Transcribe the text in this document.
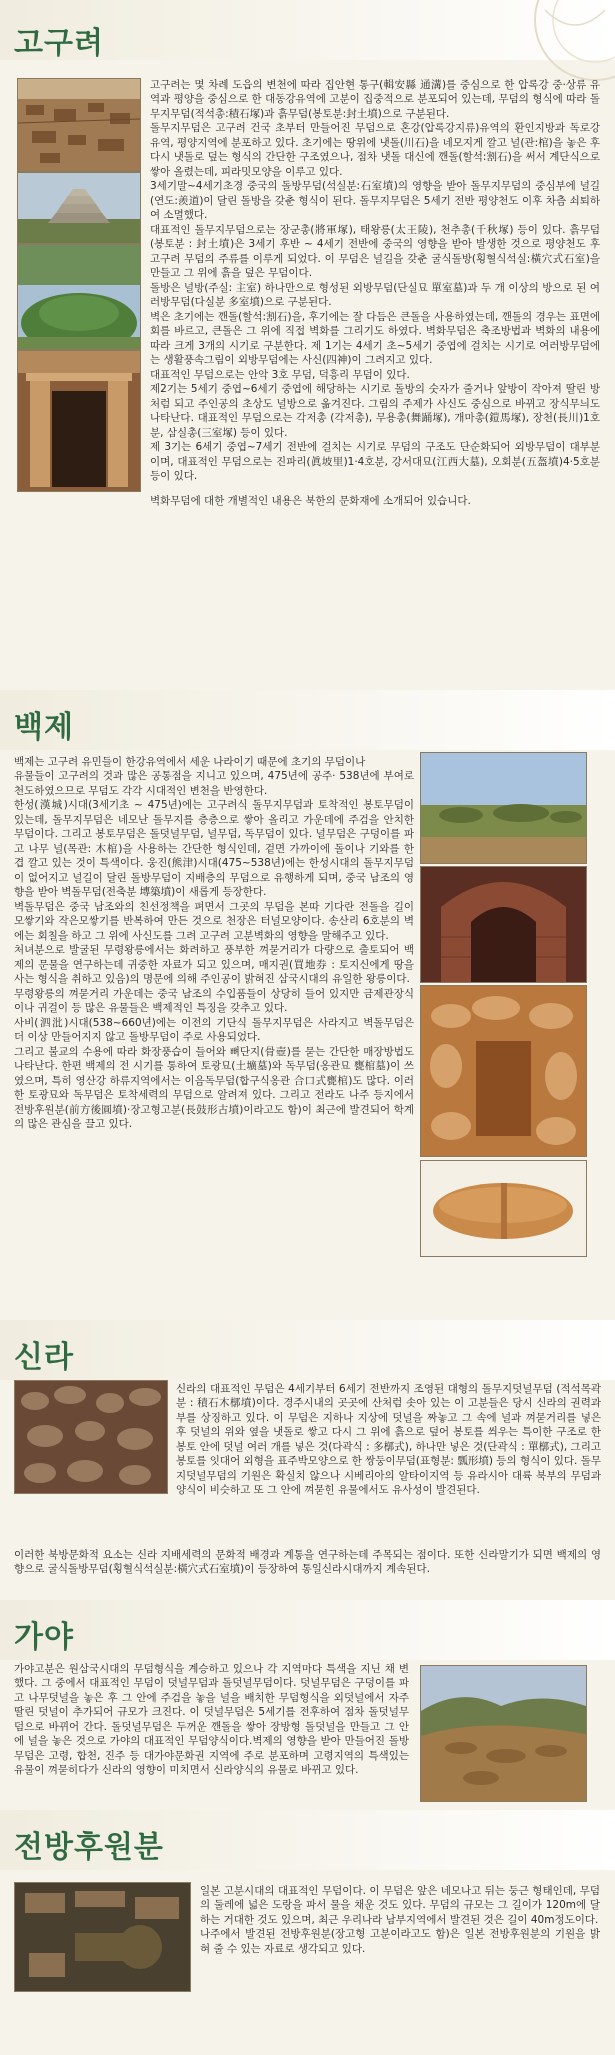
고구려

고구려는 몇 차례 도읍의 변천에 따라 집안현 통구(輯安縣 通溝)를 중심으로 한 압록강 중·상류 유역과 평양을 중심으로 한 대동강유역에 고분이 집중적으로 분포되어 있는데, 무덤의 형식에 따라 돌무지무덤(적석총:積石塚)과 흙무덤(봉토분:封土墳)으로 구분된다.

돌무지무덤은 고구려 건국 초부터 만들어진 무덤으로 혼강(압록강지류)유역의 환인지방과 독로강유역, 평양지역에 분포하고 있다. 초기에는 땅위에 냇돌(川石)을 네모지게 깔고 널(관:棺)을 놓은 후 다시 냇돌로 덮는 형식의 간단한 구조였으나, 점차 냇돌 대신에 깬돌(할석:割石)을 써서 계단식으로 쌓아 올렸는데, 피라밋모양을 이루고 있다.

3세기말~4세기초경 중국의 돌방무덤(석실분:石室墳)의 영향을 받아 돌무지무덤의 중심부에 널길(연도:羨道)이 달린 돌방을 갖춘 형식이 된다. 돌무지무덤은 5세기 전반 평양천도 이후 차츰 쇠퇴하여 소멸했다.

대표적인 돌무지무덤으로는 장군총(將軍塚), 태왕릉(太王陵), 천추총(千秋塚) 등이 있다. 흙무덤(봉토분 : 封土墳)은 3세기 후반 ~ 4세기 전반에 중국의 영향을 받아 발생한 것으로 평양천도 후 고구려 무덤의 주류를 이루게 되었다. 이 무덤은 널길을 갖춘 굴식돌방(횡혈식석실:橫穴式石室)을 만들고 그 위에 흙을 덮은 무덤이다.

돌방은 널방(주실: 主室) 하나만으로 형성된 외방무덤(단실묘 單室墓)과 두 개 이상의 방으로 된 여러방무덤(다실분 多室墳)으로 구분된다.

벽은 초기에는 깬돌(할석:割石)을, 후기에는 잘 다듬은 큰돌을 사용하였는데, 깬돌의 경우는 표면에 회를 바르고, 큰돌은 그 위에 직접 벽화를 그리기도 하였다. 벽화무덤은 축조방법과 벽화의 내용에 따라 크게 3개의 시기로 구분한다. 제 1기는 4세기 초~5세기 중엽에 걸치는 시기로 여러방무덤에는 생활풍속그림이 외방무덤에는 사신(四神)이 그려지고 있다.

대표적인 무덤으로는 안악 3호 무덤, 덕흥리 무덤이 있다.

제2기는 5세기 중엽~6세기 중엽에 해당하는 시기로 돌방의 숫자가 줄거나 앞방이 작아져 딸린 방처럼 되고 주인공의 초상도 널방으로 옮겨진다. 그림의 주제가 사신도 중심으로 바뀌고 장식무늬도 나타난다. 대표적인 무덤으로는 각저총 (각저총), 무용총(舞踊塚), 개마총(鎧馬塚), 장천(長川)1호분, 삼실총(三室塚) 등이 있다.

제 3기는 6세기 중엽~7세기 전반에 걸치는 시기로 무덤의 구조도 단순화되어 외방무덤이 대부분이며, 대표적인 무덤으로는 진파리(眞坡里)1·4호분, 강서대묘(江西大墓), 오회분(五盔墳)4·5호분 등이 있다.

벽화무덤에 대한 개별적인 내용은 북한의 문화재에 소개되어 있습니다.

백제

백제는 고구려 유민들이 한강유역에서 세운 나라이기 때문에 초기의 무덤이나

유물들이 고구려의 것과 많은 공통점을 지니고 있으며, 475년에 공주· 538년에 부여로 천도하였으므로 무덤도 각각 시대적인 변천을 반영한다.

한성(漢城)시대(3세기초 ~ 475년)에는 고구려식 돌무지무덤과 토착적인 봉토무덤이 있는데, 돌무지무덤은 네모난 돌무지를 층층으로 쌓아 올리고 가운데에 주검을 안치한 무덤이다. 그리고 봉토무덤은 돌덧널무덤, 널무덤, 독무덤이 있다. 널무덤은 구덩이를 파고 나무 널(목관: 木棺)을 사용하는 간단한 형식인데, 겉면 가까이에 돌이나 기와를 한 겹 깔고 있는 것이 특색이다. 웅진(熊津)시대(475~538년)에는 한성시대의 돌무지무덤이 없어지고 널길이 달린 돌방무덤이 지배층의 무덤으로 유행하게 되며, 중국 남조의 영향을 받아 벽돌무덤(전축분 塼築墳)이 새롭게 등장한다.

벽돌무덤은 중국 남조와의 친선정책을 펴면서 그곳의 무덤을 본따 기다란 전돌을 길이 모쌓기와 작은모쌓기를 반복하여 만든 것으로 천장은 터널모양이다. 송산리 6호분의 벽에는 회칠을 하고 그 위에 사신도를 그려 고구려 고분벽화의 영향을 말해주고 있다.

처녀분으로 발굴된 무령왕릉에서는 화려하고 풍부한 껴묻거리가 다량으로 출토되어 백제의 문물을 연구하는데 귀중한 자료가 되고 있으며, 매지권(買地券 : 토지신에게 땅을 사는 형식을 취하고 있음)의 명문에 의해 주인공이 밝혀진 삼국시대의 유일한 왕릉이다.

무령왕릉의 껴묻거리 가운데는 중국 남조의 수입품들이 상당히 들어 있지만 금제관장식이나 귀걸이 등 많은 유물들은 백제적인 특징을 갖추고 있다.

사비(泗沘)시대(538~660년)에는 이전의 기단식 돌무지무덤은 사라지고 벽돌무덤은 더 이상 만들어지지 않고 돌방무덤이 주로 사용되었다.

그리고 불교의 수용에 따라 화장풍습이 들어와 뼈단지(骨壺)를 묻는 간단한 매장방법도 나타난다. 한편 백제의 전 시기를 통하여 토광묘(土壙墓)와 독무덤(옹관묘 甕棺墓)이 쓰였으며, 특히 영산강 하류지역에서는 이음독무덤(합구식옹관 合口式甕棺)도 많다. 이러한 토광묘와 독무덤은 토착세력의 무덤으로 알려져 있다. 그리고 전라도 나주 등지에서 전방후원분(前方後圓墳)·장고형고분(長鼓形古墳)이라고도 함)이 최근에 발견되어 학계의 많은 관심을 끌고 있다.

신라

신라의 대표적인 무덤은 4세기부터 6세기 전반까지 조영된 대형의 돌무지덧널무덤 (적석목곽분 : 積石木槨墳)이다. 경주시내의 곳곳에 산처럼 솟아 있는 이 고분들은 당시 신라의 권력과 부를 상징하고 있다. 이 무덤은 지하나 지상에 덧널을 짜놓고 그 속에 널과 껴묻거리를 넣은 후 덧널의 위와 옆을 냇돌로 쌓고 다시 그 위에 흙으로 덮어 봉토를 씌우는 특이한 구조로 한 봉토 안에 덧널 여러 개를 넣은 것(다곽식 : 多槨式), 하나만 넣은 것(단곽식 : 單槨式), 그리고 봉토를 잇대어 외형을 표주박모양으로 한 쌍둥이무덤(표형분: 瓢形墳) 등의 형식이 있다. 돌무지덧널무덤의 기원은 확실치 않으나 시베리아의 알타이지역 등 유라시아 대륙 북부의 무덤과 양식이 비슷하고 또 그 안에 껴묻힌 유물에서도 유사성이 발견된다.

이러한 북방문화적 요소는 신라 지배세력의 문화적 배경과 계통을 연구하는데 주목되는 점이다. 또한 신라말기가 되면 백제의 영향으로 굴식돌방무덤(횡혈식석실분:橫穴式石室墳)이 등장하여 통일신라시대까지 계속된다.
가야

가야고분은 원삼국시대의 무덤형식을 계승하고 있으나 각 지역마다 특색을 지닌 채 변했다. 그 중에서 대표적인 무덤이 덧널무덤과 돌덧널무덤이다. 덧널무덤은 구덩이를 파고 나무덧널을 놓은 후 그 안에 주검을 놓을 널을 배치한 무덤형식을 외덧널에서 자주 딸린 덧널이 추가되어 규모가 크진다. 이 덧널무덤은 5세기를 전후하여 점차 돌덧널무덤으로 바뀌어 간다. 돌덧널무덤은 두꺼운 깬돌을 쌓아 장방형 돌덧널을 만들고 그 안에 널을 놓은 것으로 가야의 대표적인 무덤양식이다.벽제의 영향을 받아 만들어진 돌방무덤은 고령, 합천, 진주 등 대가야문화권 지역에 주로 분포하며 고령지역의 특색있는 유물이 껴묻히다가 신라의 영향이 미치면서 신라양식의 유물로 바뀌고 있다.

전방후원분

일본 고분시대의 대표적인 무덤이다. 이 무덤은 앞은 네모나고 뒤는 둥근 형태인데, 무덤의 둘레에 넓은 도랑을 파서 물을 채운 것도 있다. 무덤의 규모는 그 길이가 120m에 달하는 거대한 것도 있으며, 최근 우리나라 남부지역에서 발견된 것은 길이 40m정도이다.

나주에서 발견된 전방후원분(장고형 고분이라고도 함)은 일본 전방후원분의 기원을 밝혀 줄 수 있는 자료로 생각되고 있다.
